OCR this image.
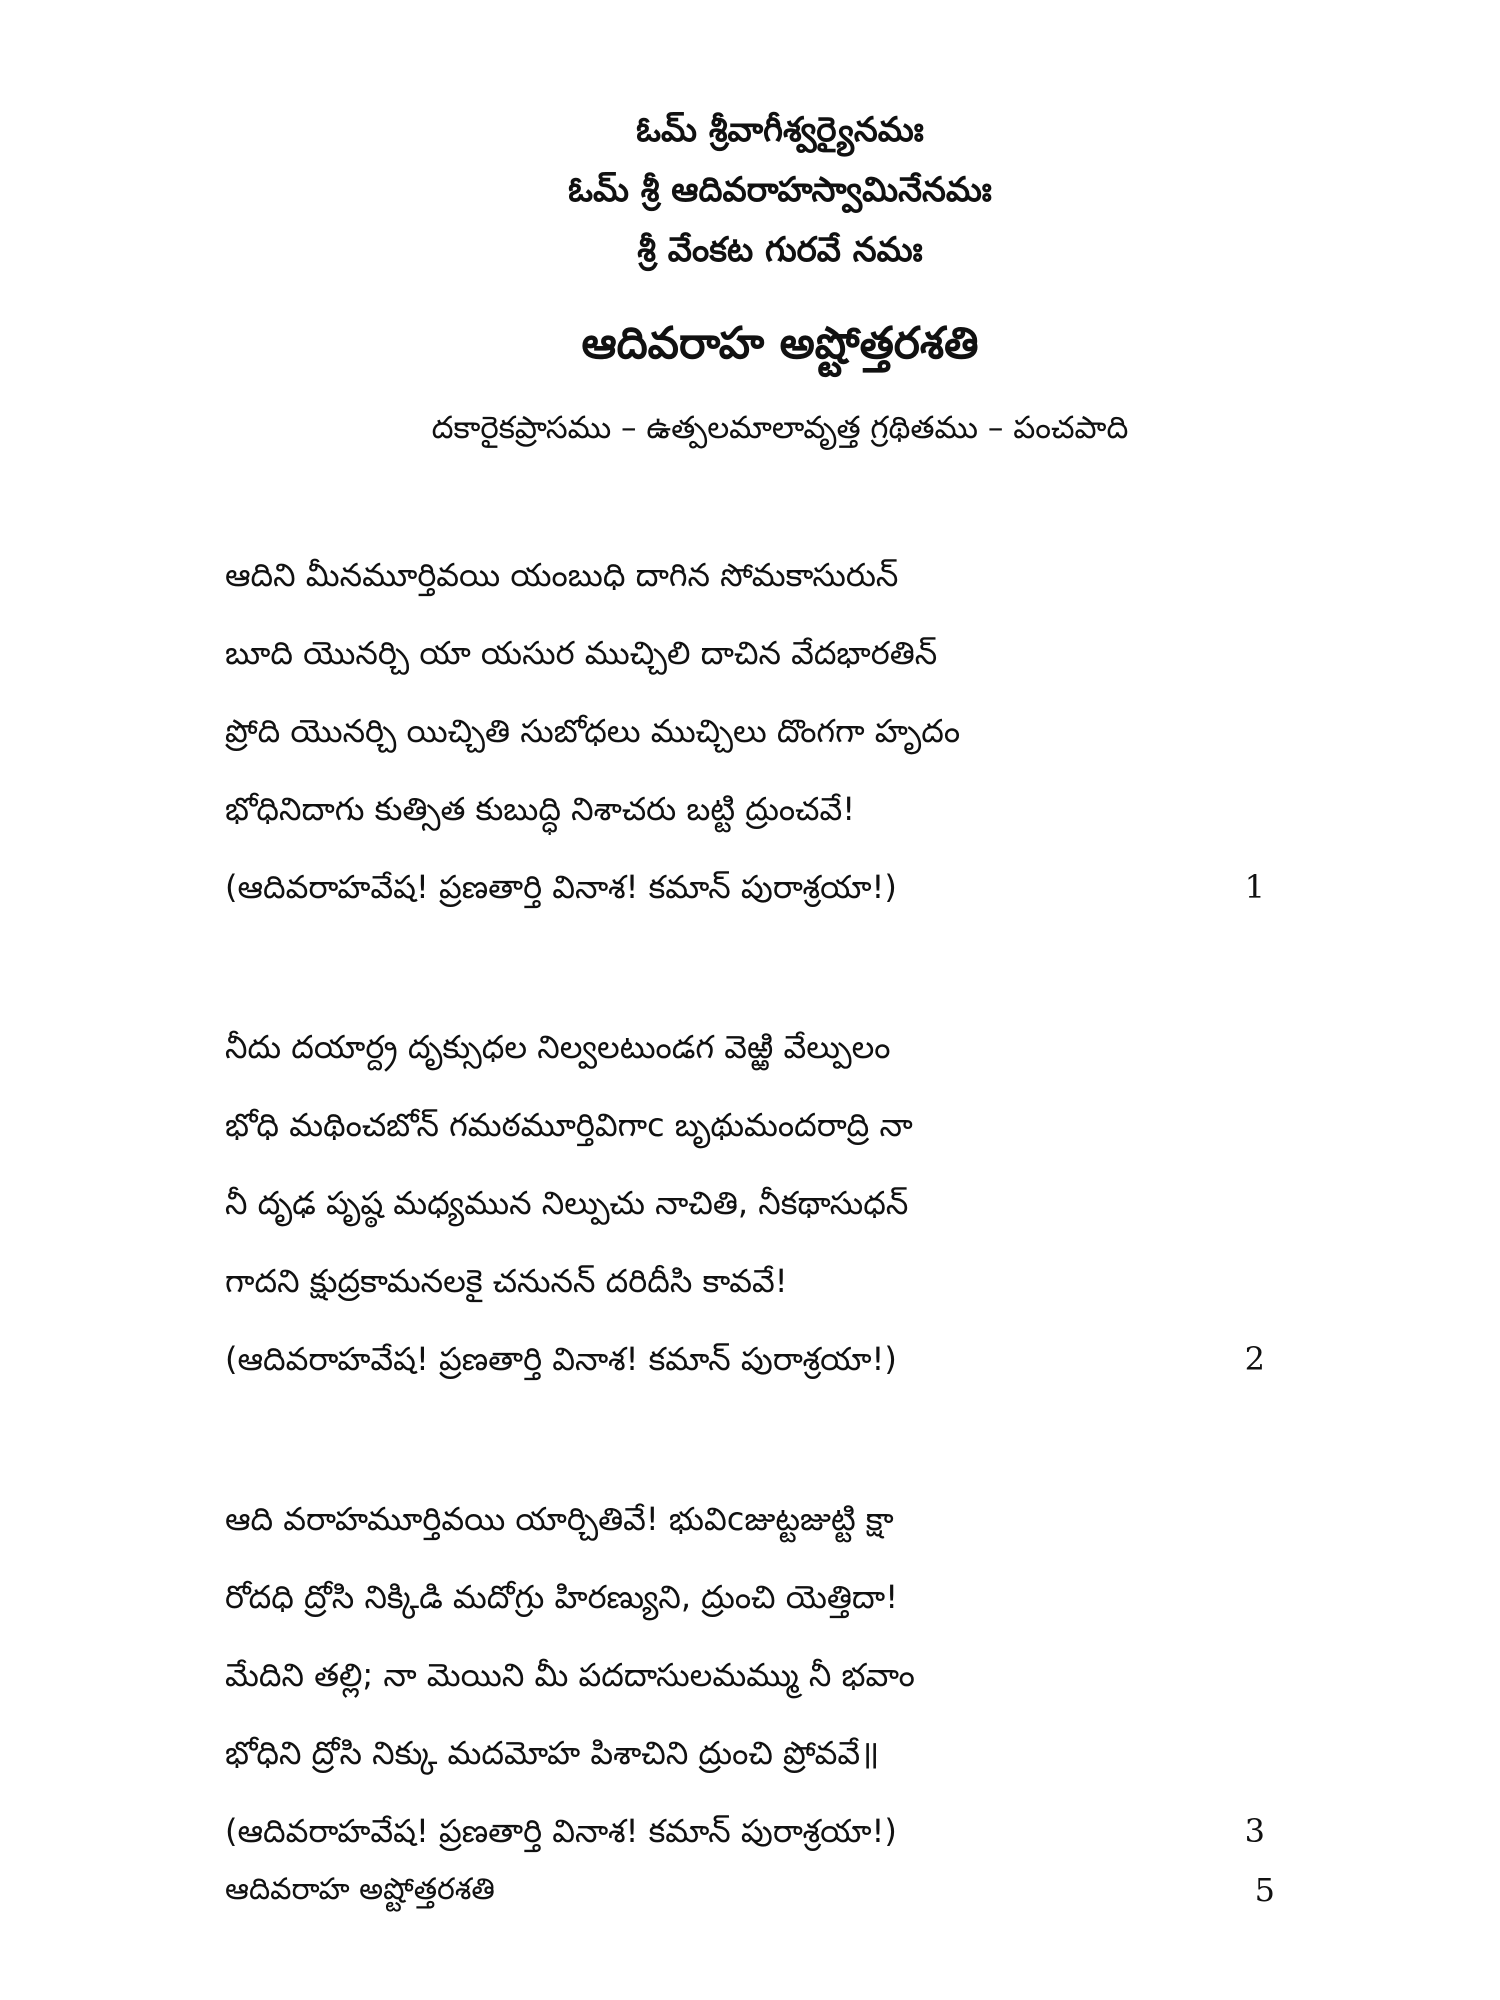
ఓమ్ శ్రీవాగీశ్వర్యైనమః
ఓమ్ శ్రీ ఆదివరాహస్వామినేనమః
శ్రీ వేంకట గురవే నమః
ఆదివరాహ అష్టోత్తరశతి
దకారైకప్రాసము – ఉత్పలమాలావృత్త గ్రథితము – పంచపాది
ఆదిని మీనమూర్తివయి యంబుధి దాగిన సోమకాసురున్
బూది యొనర్చి యా యసుర ముచ్చిలి దాచిన వేదభారతిన్
ప్రోది యొనర్చి యిచ్చితి సుబోధలు ముచ్చిలు దొంగగా హృదం
భోధినిదాగు కుత్సిత కుబుద్ధి నిశాచరు బట్టి ద్రుంచవే!
(ఆదివరాహవేష! ప్రణతార్తి వినాశ! కమాన్ పురాశ్రయా!)	1
నీదు దయార్ద్ర దృక్సుధల నిల్వలటుండగ వెఱ్ఱి వేల్పులం
భోధి మథించబోన్ గమఠమూర్తివిగాc బృథుమందరాద్రి నా
నీ దృఢ పృష్ఠ మధ్యమున నిల్పుచు నాచితి, నీకథాసుధన్
గాదని క్షుద్రకామనలకై చనునన్ దరిదీసి కావవే!
(ఆదివరాహవేష! ప్రణతార్తి వినాశ! కమాన్ పురాశ్రయా!)	2
ఆది వరాహమూర్తివయి యార్చితివే! భువిcజుట్టజుట్టి క్షా
రోదధి ద్రోసి నిక్కిడి మదోగ్రు హిరణ్యుని, ద్రుంచి యెత్తిదా!
మేదిని తల్లి; నా మెయిని మీ పదదాసులమమ్ము నీ భవాం
భోధిని ద్రోసి నిక్కు మదమోహ పిశాచిని ద్రుంచి ప్రోవవే॥
(ఆదివరాహవేష! ప్రణతార్తి వినాశ! కమాన్ పురాశ్రయా!)	3
ఆదివరాహ అష్టోత్తరశతి	5
